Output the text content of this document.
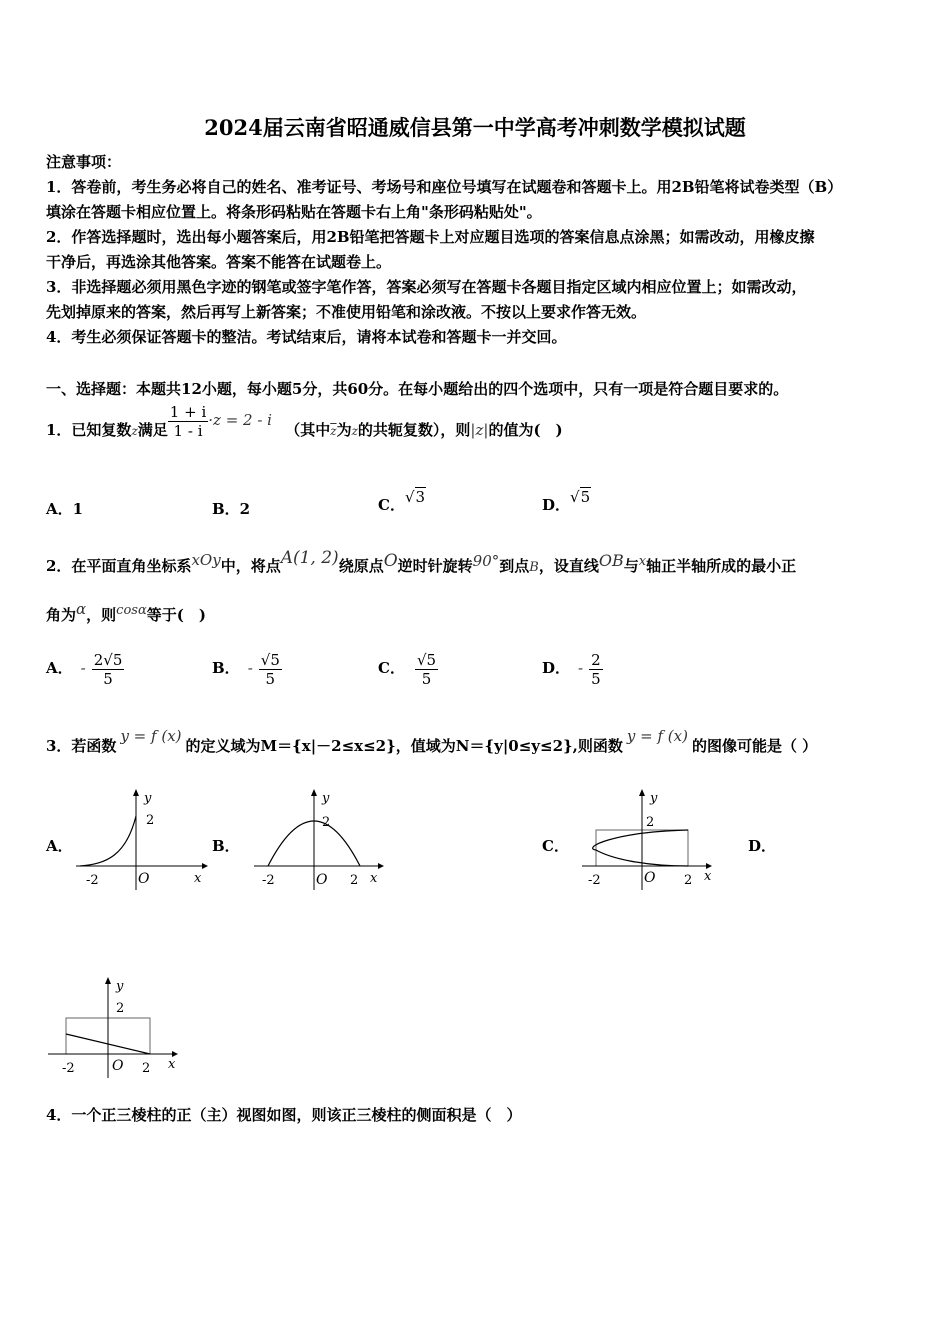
2024届云南省昭通威信县第一中学高考冲刺数学模拟试题
注意事项：
1．答卷前，考生务必将自己的姓名、准考证号、考场号和座位号填写在试题卷和答题卡上。用2B铅笔将试卷类型（B）
填涂在答题卡相应位置上。将条形码粘贴在答题卡右上角"条形码粘贴处"。
2．作答选择题时，选出每小题答案后，用2B铅笔把答题卡上对应题目选项的答案信息点涂黑；如需改动，用橡皮擦
干净后，再选涂其他答案。答案不能答在试题卷上。
3．非选择题必须用黑色字迹的钢笔或签字笔作答，答案必须写在答题卡各题目指定区域内相应位置上；如需改动，
先划掉原来的答案，然后再写上新答案；不准使用铅笔和涂改液。不按以上要求作答无效。
4．考生必须保证答题卡的整洁。考试结束后，请将本试卷和答题卡一并交回。
一、选择题：本题共12小题，每小题5分，共60分。在每小题给出的四个选项中，只有一项是符合题目要求的。
1．已知复数z满足 $\frac{1 + i}{1 - i} \cdot z = 2 - i$ （其中$\overline{z}$为z的共轭复数），则|z|的值为(　)
A．1	B．2	C．√3	D．√5
2．在平面直角坐标系xOy中，将点A(1, 2)绕原点O逆时针旋转90°到点B，设直线OB与x轴正半轴所成的最小正
角为α，则cosα等于(　)
A． - $\frac{2√5}{5}$	B． - $\frac{√5}{5}$	C． $\frac{√5}{5}$	D． - $\frac{2}{5}$
3．若函数y = f (x)的定义域为M＝{x|－2≤x≤2}，值域为N＝{y|0≤y≤2},则函数y = f (x)的图像可能是（ ）
A．	B．	C．	D．
y
2
-2	O	x
y
2
-2	O 2 x
y
2
-2	O 2 x
y
2
-2	O 2 x
4．一个正三棱柱的正（主）视图如图，则该正三棱柱的侧面积是（　）
